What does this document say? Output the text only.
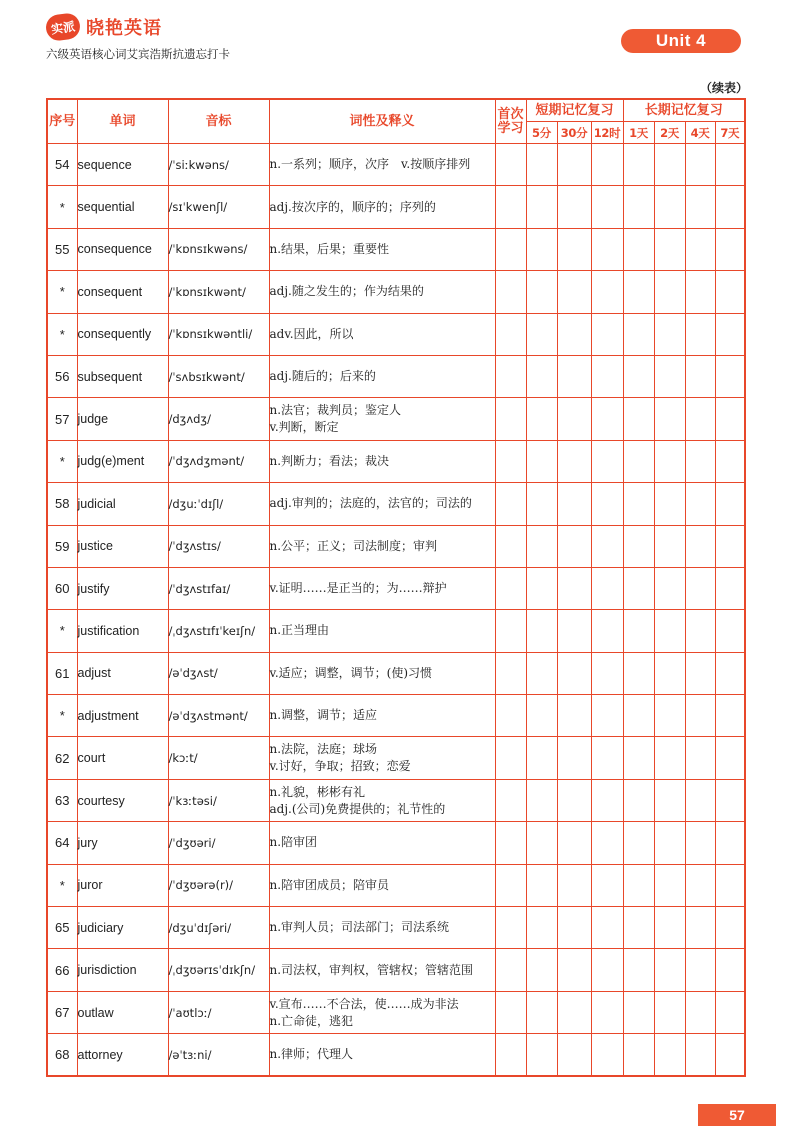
实派 晓艳英语
六级英语核心词艾宾浩斯抗遗忘打卡
Unit 4
（续表）
序号	单词	音标	词性及释义	首次学习	短期记忆复习			长期记忆复习			
					5分	30分	12时	1天	2天	4天	7天
54	sequence	/ˈsiːkwəns/	n.一系列；顺序，次序　v.按顺序排列								

*	sequential	/sɪˈkwenʃl/	adj.按次序的，顺序的；序列的								

55	consequence	/ˈkɒnsɪkwəns/	n.结果，后果；重要性								

*	consequent	/ˈkɒnsɪkwənt/	adj.随之发生的；作为结果的								

*	consequently	/ˈkɒnsɪkwəntli/	adv.因此，所以								

56	subsequent	/ˈsʌbsɪkwənt/	adj.随后的；后来的								

57	judge	/dʒʌdʒ/	n.法官；裁判员；鉴定人
v.判断，断定								

*	judg(e)ment	/ˈdʒʌdʒmənt/	n.判断力；看法；裁决								

58	judicial	/dʒuːˈdɪʃl/	adj.审判的；法庭的，法官的；司法的								

59	justice	/ˈdʒʌstɪs/	n.公平；正义；司法制度；审判								

60	justify	/ˈdʒʌstɪfaɪ/	v.证明……是正当的；为……辩护								

*	justification	/ˌdʒʌstɪfɪˈkeɪʃn/	n.正当理由								

61	adjust	/əˈdʒʌst/	v.适应；调整，调节；(使)习惯								

*	adjustment	/əˈdʒʌstmənt/	n.调整，调节；适应								

62	court	/kɔːt/	n.法院，法庭；球场
v.讨好，争取；招致；恋爱								

63	courtesy	/ˈkɜːtəsi/	n.礼貌，彬彬有礼
adj.(公司)免费提供的；礼节性的								

64	jury	/ˈdʒʊəri/	n.陪审团								

*	juror	/ˈdʒʊərə(r)/	n.陪审团成员；陪审员								

65	judiciary	/dʒuˈdɪʃəri/	n.审判人员；司法部门；司法系统								

66	jurisdiction	/ˌdʒʊərɪsˈdɪkʃn/	n.司法权，审判权，管辖权；管辖范围								

67	outlaw	/ˈaʊtlɔː/	v.宣布……不合法，使……成为非法
n.亡命徒，逃犯								

68	attorney	/əˈtɜːni/	n.律师；代理人								

57
